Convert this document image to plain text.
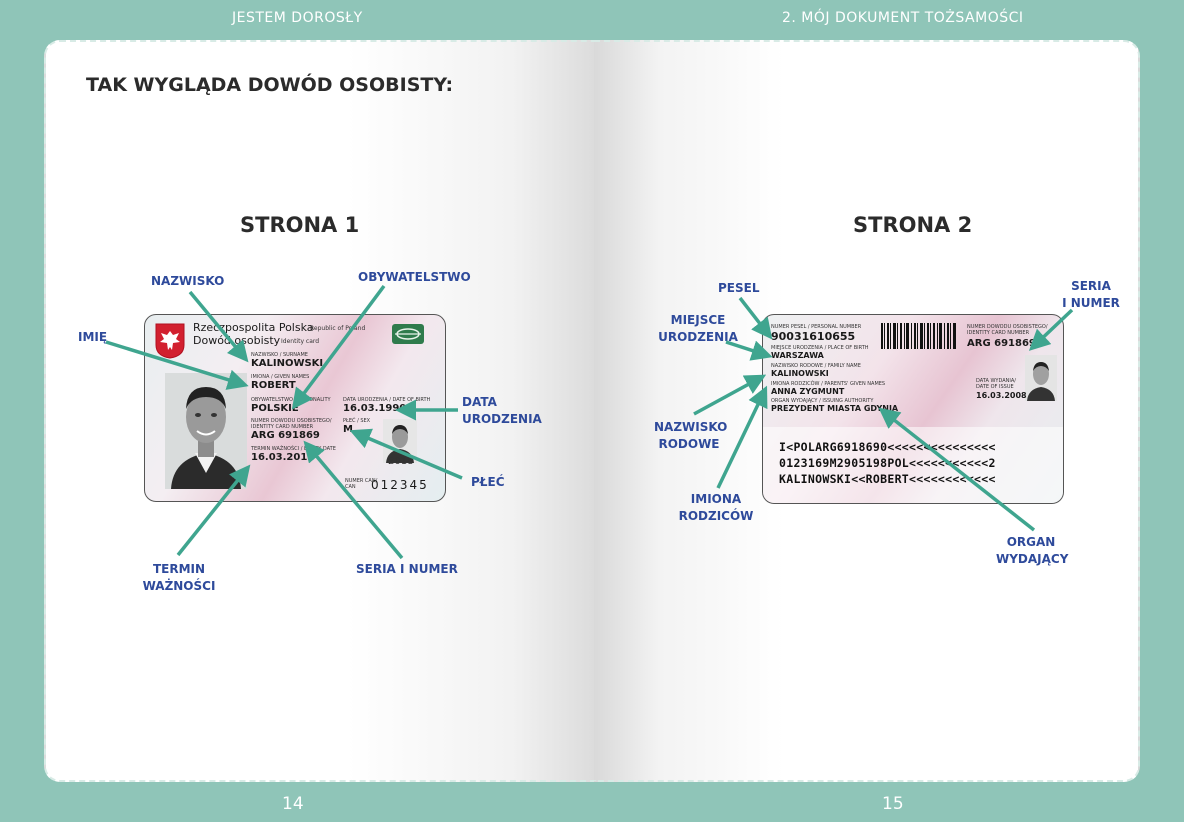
JESTEM DOROSŁY	2. MÓJ DOKUMENT TOŻSAMOŚCI
TAK WYGLĄDA DOWÓD OSOBISTY:
STRONA 1	STRONA 2
Rzeczpospolita Polska
Republic of Poland
Dowód osobisty Identity card
NAZWISKO / SURNAME
KALINOWSKI
IMIONA / GIVEN NAMES
ROBERT
OBYWATELSTWO / NATIONALITY
POLSKIE
DATA URODZENIA / DATE OF BIRTH
16.03.1990
PŁEĆ / SEX
M
NUMER DOWODU OSOBISTEGO/
IDENTITY CARD NUMBER
ARG 691869
TERMIN WAŻNOŚCI / EXPIRY DATE
16.03.2018	2018
NUMER CAN/
CAN 012345
NUMER PESEL / PERSONAL NUMBER
90031610655
MIEJSCE URODZENIA / PLACE OF BIRTH
WARSZAWA
NAZWISKO RODOWE / FAMILY NAME
KALINOWSKI
IMIONA RODZICÓW / PARENTS' GIVEN NAMES
ANNA ZYGMUNT
ORGAN WYDAJĄCY / ISSUING AUTHORITY
PREZYDENT MIASTA GDYNIA
NUMER DOWODU OSOBISTEGO/
IDENTITY CARD NUMBER
ARG 691869
DATA WYDANIA/
DATE OF ISSUE
16.03.2008
I<POLARG6918690<<<<<<<<<<<<<<<
0123169M2905198POL<<<<<<<<<<<2
KALINOWSKI<<ROBERT<<<<<<<<<<<<
NAZWISKO
IMIĘ
OBYWATELSTWO
DATA
URODZENIA
PŁEĆ
TERMIN
WAŻNOŚCI
SERIA I NUMER
PESEL
MIEJSCE
URODZENIA
NAZWISKO
RODOWE
IMIONA
RODZICÓW
SERIA
I NUMER
ORGAN
WYDAJĄCY
14	15
